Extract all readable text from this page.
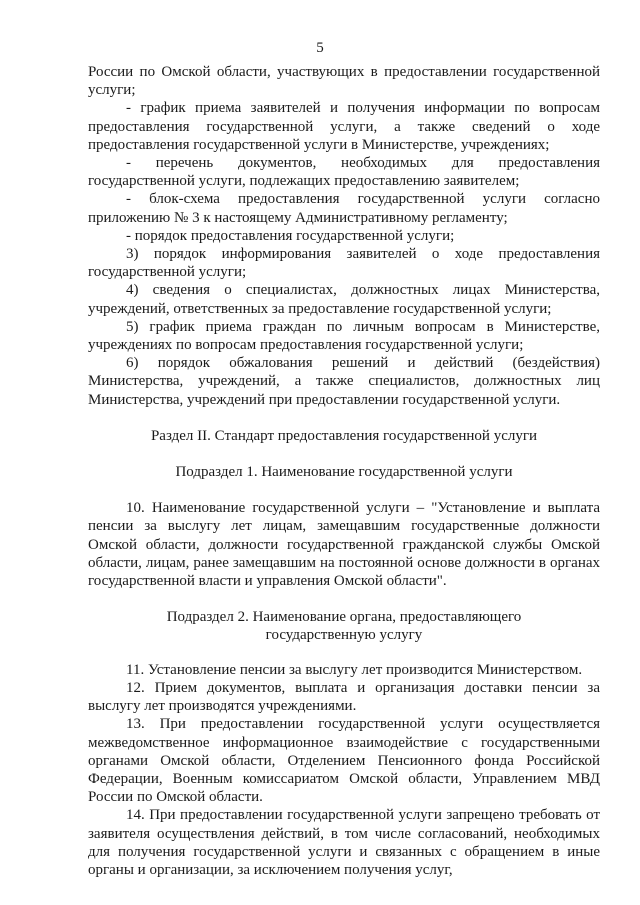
5

России по Омской области, участвующих в предоставлении государственной услуги;

- график приема заявителей и получения информации по вопросам предоставления государственной услуги, а также сведений о ходе предоставления государственной услуги в Министерстве, учреждениях;

- перечень документов, необходимых для предоставления государственной услуги, подлежащих предоставлению заявителем;

- блок-схема предоставления государственной услуги согласно приложению № 3 к настоящему Административному регламенту;

- порядок предоставления государственной услуги;

3) порядок информирования заявителей о ходе предоставления государственной услуги;

4) сведения о специалистах, должностных лицах Министерства, учреждений, ответственных за предоставление государственной услуги;

5) график приема граждан по личным вопросам в Министерстве, учреждениях по вопросам предоставления государственной услуги;

6) порядок обжалования решений и действий (бездействия) Министерства, учреждений, а также специалистов, должностных лиц Министерства, учреждений при предоставлении государственной услуги.

Раздел II. Стандарт предоставления государственной услуги

Подраздел 1. Наименование государственной услуги

10. Наименование государственной услуги – "Установление и выплата пенсии за выслугу лет лицам, замещавшим государственные должности Омской области, должности государственной гражданской службы Омской области, лицам, ранее замещавшим на постоянной основе должности в органах государственной власти и управления Омской области".

Подраздел 2. Наименование органа, предоставляющего

государственную услугу

11. Установление пенсии за выслугу лет производится Министерством.

12. Прием документов, выплата и организация доставки пенсии за выслугу лет производятся учреждениями.

13. При предоставлении государственной услуги осуществляется межведомственное информационное взаимодействие с государственными органами Омской области, Отделением Пенсионного фонда Российской Федерации, Военным комиссариатом Омской области, Управлением МВД России по Омской области.

14. При предоставлении государственной услуги запрещено требовать от заявителя осуществления действий, в том числе согласований, необходимых для получения государственной услуги и связанных с обращением в иные органы и организации, за исключением получения услуг,
